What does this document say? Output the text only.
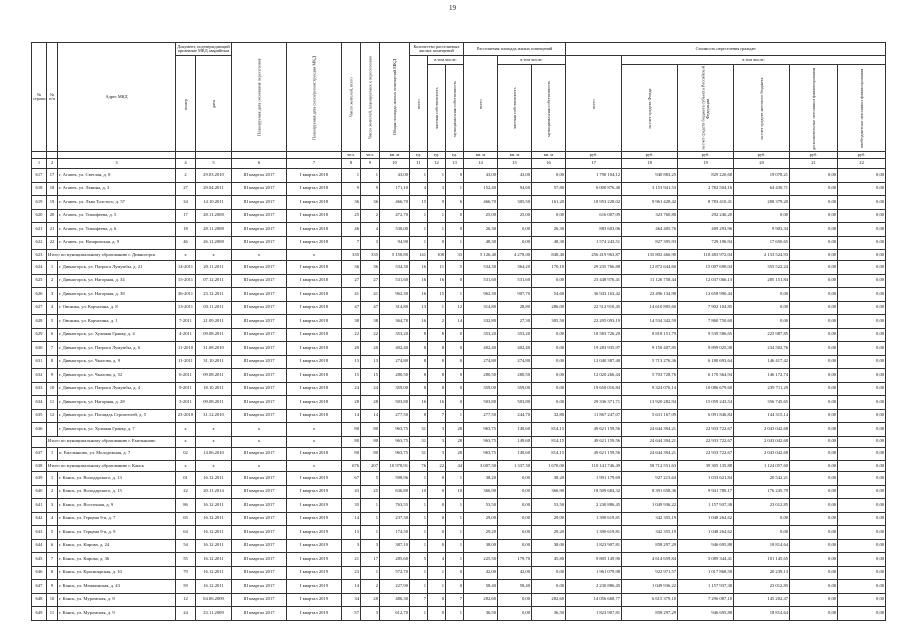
19
№ строки	№ п/п	Адрес МКД	Документ, подтверждающий признание МКД аварийным		Планируемая дата окончания переселения	Планируемая дата сноса/реконструкции МКД	Число жителей, всего	Число жителей, планируемых к переселению	Общая площадь жилых помещений МКД	Количество расселяемых жилых помещений			Расселяемая площадь жилых помещений			Стоимость переселения граждан					
			номер	дата						всего	в том числе:		всего	в том числе:		всего	в том числе:				
											частная собственность	муниципальная собственность		частная собственность	муниципальная собственность		за счет средств Фонда	за счет средств бюджета субъекта Российской Федерации	за счет средств местного бюджета	дополнительные источники финансирования	внебюджетные источники финансирования
							чел.	чел.	кв. м	ед.	ед.	ед.	кв. м	кв. м	кв. м	руб.	руб.	руб.	руб.	руб.	руб.
1	2	3	4	5	6	7	8	9	10	11	12	13	14	15	16	17	18	19	20	21	22
617	17	г. Агапек, ул. Светлая, д. 8	2	29.03.2010	III квартал 2017	I квартал 2018	1	1	43,00	1	1	0	43,00	43,00	0,00	1 790 104,12	940 883,25	829 220,68	19 078,21	0,00	0,00
618	18	г. Агапек, ул. Ленина, д. 3	27	29.04.2011	III квартал 2017	I квартал 2018	9	9	171,10	4	3	1	152,40	94,60	57,80	6 000 876,40	3 153 941,53	2 782 504,16	64 430,71	0,00	0,00
619	19	г. Агапек, ул. Льва Толстого, д. 57	34	14.10.2011	III квартал 2017	I квартал 2018	36	36	466,70	15	9	6	466,70	305,50	161,20	18 953 228,02	9 961 428,42	8 783 410,41	208 379,20	0,00	0,00
620	20	г. Агапек, ул. Тимофеева, д. 5	17	28.11.2008	III квартал 2017	I квартал 2018	25	2	472,70	1	1	0	25,00	25,00	0,00	616 007,09	323 760,80	292 246,20	0,00	0,00	0,00
621	21	г. Агапек, ул. Тимофеева, д. 6	18	28.11.2008	III квартал 2017	I квартал 2018	46	4	530,00	1	1	0	26,30	0,00	26,30	883 603,06	464 405,76	409 293,96	9 903,34	0,00	0,00
622	22	г. Агапек, ул. Назаровская, д. 9	46	26.11.2008	III квартал 2017	I квартал 2018	7	3	94,90	1	0	1	48,30	0,00	48,30	1 574 243,51	827 395,93	729 196,94	17 650,65	0,00	0,00
623	Итого по муниципальному образованию г. Дивногорск		x	x	x	x	335	335	5 158,80	141	108	33	5 126,40	4 278,00	848,40	256 419 963,87	135 802 466,90	118 483 972,04	2 133 524,93	0,00	0,00
624	1	г. Дивногорск, ул. Патриса Лумумбы, д. 21	14-2011	20.11.2011	III квартал 2017	I квартал 2018	36	36	534,30	16	11	5	534,30	364,20	170,10	29 235 766,88	12 872 644,60	15 007 690,04	355 522,24	0,00	0,00
625	2	г. Дивногорск, ул. Нагорная, д. 34	15-2011	07.12.2011	III квартал 2017	I квартал 2018	27	27	531,60	16	16	0	531,60	531,60	0,00	23 448 976,41	11 126 758,44	12 037 066,13	285 151,84	0,00	0,00
626	3	г. Дивногорск, ул. Нагорная, д. 38	36-2011	23.12.2011	III квартал 2017	I квартал 2018	41	41	962,30	16	15	1	962,30	907,70	54,60	36 943 163,42	23 496 134,98	12 658 990,44	0,00	0,00	0,00
627	4	г. Овсянка, ул. Корчагина, д. 8	13-2011	03.11.2011	III квартал 2017	I квартал 2018	47	47	314,80	13	1	12	314,80	28,80	286,00	22 512 910,45	14 610 805,60	7 902 104,85	0,00	0,00	0,00
628	5	г. Овсянка, ул. Корчагина, д. 1	7-2011	21.09.2011	III квартал 2017	I квартал 2018	38	38	364,70	16	2	14	332,80	27,30	305,50	22 205 093,19	14 534 342,59	7 860 750,60	0,00	0,00	0,00
629	6	г. Дивногорск, ул. Хулиная Гранку, д. 4	4-2011	09.08.2011	III квартал 2017	I квартал 2018	22	22	353,20	8	8	0	353,20	353,20	0,00	18 583 726,29	8 818 151,79	9 539 586,65	225 987,85	0,00	0,00
630	7	г. Дивногорск, ул. Патриса Лумумбы, д. 6	11-2010	31.08.2010	III квартал 2017	I квартал 2018	20	20	402,40	8	8	0	402,40	402,40	0,00	19 283 935,97	9 150 407,85	9 899 025,38	234 502,76	0,00	0,00
631	8	г. Дивногорск, ул. Чкалова, д. 9	11-2011	31.10.2011	III квартал 2017	I квартал 2018	13	13	274,80	8	8	0	274,80	274,80	0,00	12 040 387,40	5 713 276,36	6 180 693,64	146 417,42	0,00	0,00
632	9	г. Дивногорск, ул. Чкалова, д. 52	6-2011	09.08.2011	III квартал 2017	I квартал 2018	15	15	280,50	8	8	0	280,50	280,50	0,00	12 020 266,44	5 703 728,76	6 170 364,94	146 172,74	0,00	0,00
633	10	г. Дивногорск, ул. Патриса Лумумбы, д. 4	9-2011	18.10.2011	III квартал 2017	I квартал 2018	24	24	359,00	8	8	0	359,00	359,00	0,00	19 650 016,84	9 324 076,14	10 086 679,60	239 711,29	0,00	0,00
634	11	г. Дивногорск, ул. Нагорная, д. 28	3-2011	09.08.2011	III квартал 2017	I квартал 2018	28	28	503,80	16	16	0	503,80	503,80	0,00	29 336 371,71	13 920 282,94	15 059 243,54	356 745,65	0,00	0,00
635	12	г. Дивногорск, ул. Площадь Строителей, д. 5	23-2010	31.12.2010	III квартал 2017	I квартал 2018	14	14	277,50	8	7	1	277,50	244,70	32,80	11 867 247,07	5 631 167,09	6 091 846,84	144 315,14	0,00	0,00
636		г. Дивногорск, ул. Хулиная Гранку, д. 7	x	x	x	x	80	80	963,75	31	3	28	963,75	149,60	814,15	49 621 159,56	24 644 394,21	22 933 722,67	2 043 042,68	0,00	0,00
	Итого по муниципальному образованию г. Емельяново		x	x	x	x	80	80	963,75	31	3	28	963,75	149,60	814,15	49 621 159,56	24 644 394,21	22 933 722,67	2 043 042,68	0,00	0,00
637	1	п. Емельяново, ул. Молодежная, д. 7	02	14.06.2010	III квартал 2017	I квартал 2018	80	80	963,75	31	3	28	963,75	149,60	814,15	49 621 159,56	24 644 394,21	22 933 722,67	2 043 042,68	0,00	0,00
638	Итого по муниципальному образованию г. Канск		x	x	x	x	676	207	10 978,91	76	22	44	3 007,50	1 337,50	1 670,00	110 141 746,49	58 712 551,63	39 305 135,88	1 124 057,60	0,00	0,00
639	1	г. Канск, ул. Володарского, д. 13	01	16.12.2011	III квартал 2017	I квартал 2019	67	5	598,96	1	0	1	38,20	0,00	38,20	1 991 179,69	927 213,64	1 033 621,84	20 542,21	0,00	0,00
640	2	г. Канск, ул. Володарского, д. 15	22	20.11.2014	III квартал 2017	I квартал 2019	43	25	636,80	10	0	10	366,90	0,00	366,90	18 509 684,32	8 391 658,36	9 941 780,17	176 245,79	0,00	0,00
641	3	г. Канск, ул. Восточная, д. 9	86	16.12.2011	III квартал 2017	I квартал 2019	35	1	763,55	1	0	1	53,50	0,00	53,50	2 230 886,45	1 049 936,22	1 157 937,38	23 012,85	0,00	0,00
642	4	г. Канск, ул. Герцена 9-я, д. 7	65	16.12.2011	III квартал 2017	I квартал 2019	14	1	237,30	1	0	1	29,00	0,00	29,00	1 390 619,81	342 355,19	1 048 264,62	0,00	0,00	0,00
643	5	г. Канск, ул. Герцена 9-я, д. 9	64	16.12.2011	III квартал 2017	I квартал 2019	13	1	174,50	1	0	1	29,20	0,00	29,20	1 390 619,81	342 355,19	1 048 264,62	0,00	0,00	0,00
644	6	г. Канск, ул. Кирова, д. 24	54	16.12.2011	III квартал 2017	I квартал 2019	3	3	387,10	1	0	1	38,00	0,00	38,00	1 823 907,81	858 297,29	946 695,88	18 814,64	0,00	0,00
645	7	г. Канск, ул. Кирова, д. 36	55	16.12.2011	III квартал 2017	I квартал 2019	21	17	285,60	5	4	1	225,50	179,70	45,80	9 805 149,90	4 614 659,84	5 089 344,41	101 145,65	0,00	0,00
646	8	г. Канск, ул. Красноярская, д. 10	79	16.12.2011	III квартал 2017	I квартал 2019	23	1	572,70	1	1	0	42,00	42,00	0,00	1 961 079,98	922 971,57	1 017 868,58	20 239,13	0,00	0,00
647	9	г. Канск, ул. Менжинская, д. 43	59	16.12.2011	III квартал 2017	I квартал 2019	14	2	227,90	1	1	0	58,40	58,40	0,00	2 230 886,45	1 049 936,22	1 157 937,38	23 012,85	0,00	0,00
648	10	г. Канск, ул. Муромская, д. 8	12	04.06.2009	III квартал 2017	I квартал 2019	34	28	486,30	7	0	7	282,60	0,00	282,60	14 056 668,77	6 615 379,10	7 296 087,10	145 202,47	0,00	0,00
649	11	г. Канск, ул. Муромская, д. 9	24	23.11.2009	III квартал 2017	I квартал 2019	57	3	612,70	1	0	1	36,50	0,00	36,50	1 823 907,81	858 297,29	946 695,88	18 814,64	0,00	0,00
